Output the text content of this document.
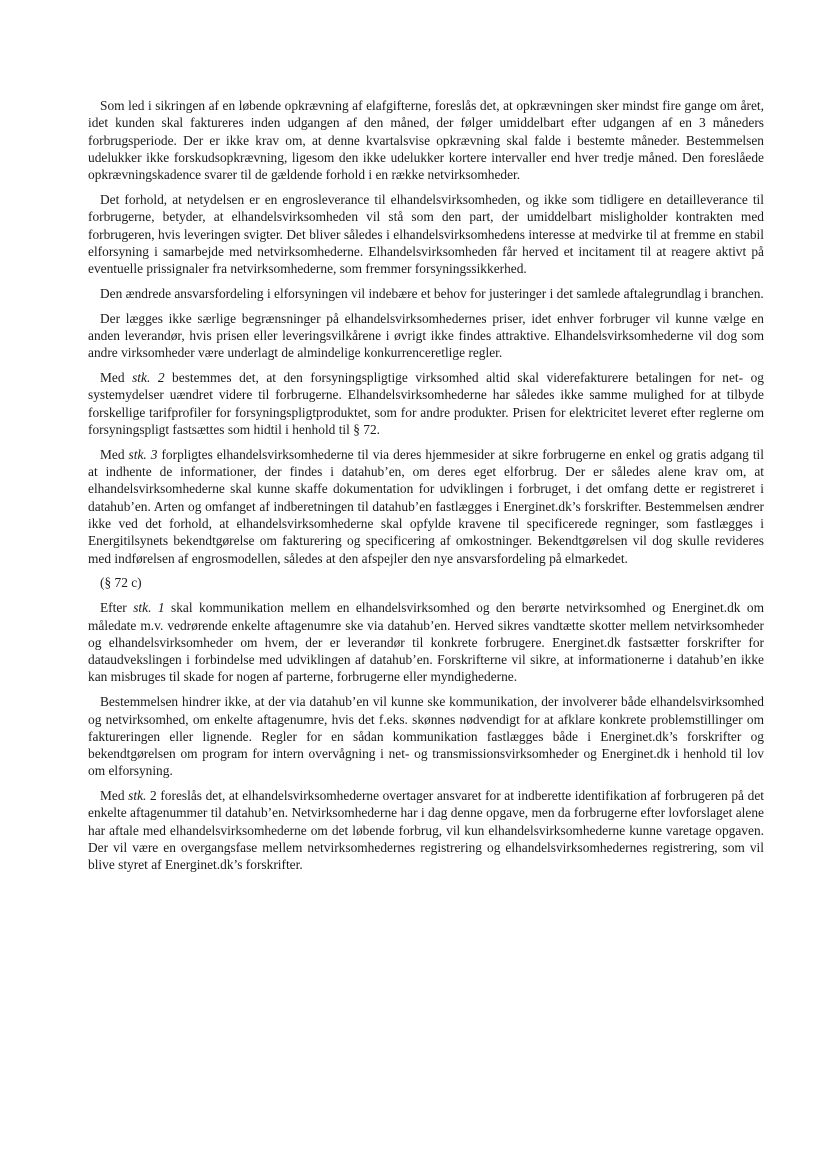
Som led i sikringen af en løbende opkrævning af elafgifterne, foreslås det, at opkrævningen sker mindst fire gange om året, idet kunden skal faktureres inden udgangen af den måned, der følger umiddelbart efter udgangen af en 3 måneders forbrugsperiode. Der er ikke krav om, at denne kvartalsvise opkrævning skal falde i bestemte måneder. Bestemmelsen udelukker ikke forskudsopkrævning, ligesom den ikke udelukker kortere intervaller end hver tredje måned. Den foreslåede opkrævningskadence svarer til de gældende forhold i en række netvirksomheder.

Det forhold, at netydelsen er en engrosleverance til elhandelsvirksomheden, og ikke som tidligere en detailleverance til forbrugerne, betyder, at elhandelsvirksomheden vil stå som den part, der umiddelbart misligholder kontrakten med forbrugeren, hvis leveringen svigter. Det bliver således i elhandelsvirksomhedens interesse at medvirke til at fremme en stabil elforsyning i samarbejde med netvirksomhederne. Elhandelsvirksomheden får herved et incitament til at reagere aktivt på eventuelle prissignaler fra netvirksomhederne, som fremmer forsyningssikkerhed.

Den ændrede ansvarsfordeling i elforsyningen vil indebære et behov for justeringer i det samlede aftalegrundlag i branchen.

Der lægges ikke særlige begrænsninger på elhandelsvirksomhedernes priser, idet enhver forbruger vil kunne vælge en anden leverandør, hvis prisen eller leveringsvilkårene i øvrigt ikke findes attraktive. Elhandelsvirksomhederne vil dog som andre virksomheder være underlagt de almindelige konkurrenceretlige regler.

Med stk. 2 bestemmes det, at den forsyningspligtige virksomhed altid skal viderefakturere betalingen for net- og systemydelser uændret videre til forbrugerne. Elhandelsvirksomhederne har således ikke samme mulighed for at tilbyde forskellige tarifprofiler for forsyningspligtproduktet, som for andre produkter. Prisen for elektricitet leveret efter reglerne om forsyningspligt fastsættes som hidtil i henhold til § 72.

Med stk. 3 forpligtes elhandelsvirksomhederne til via deres hjemmesider at sikre forbrugerne en enkel og gratis adgang til at indhente de informationer, der findes i datahub’en, om deres eget elforbrug. Der er således alene krav om, at elhandelsvirksomhederne skal kunne skaffe dokumentation for udviklingen i forbruget, i det omfang dette er registreret i datahub’en. Arten og omfanget af indberetningen til datahub’en fastlægges i Energinet.dk’s forskrifter. Bestemmelsen ændrer ikke ved det forhold, at elhandelsvirksomhederne skal opfylde kravene til specificerede regninger, som fastlægges i Energitilsynets bekendtgørelse om fakturering og specificering af omkostninger. Bekendtgørelsen vil dog skulle revideres med indførelsen af engrosmodellen, således at den afspejler den nye ansvarsfordeling på elmarkedet.

(§ 72 c)

Efter stk. 1 skal kommunikation mellem en elhandelsvirksomhed og den berørte netvirksomhed og Energinet.dk om måledate m.v. vedrørende enkelte aftagenumre ske via datahub’en. Herved sikres vandtætte skotter mellem netvirksomheder og elhandelsvirksomheder om hvem, der er leverandør til konkrete forbrugere. Energinet.dk fastsætter forskrifter for dataudvekslingen i forbindelse med udviklingen af datahub’en. Forskrifterne vil sikre, at informationerne i datahub’en ikke kan misbruges til skade for nogen af parterne, forbrugerne eller myndighederne.

Bestemmelsen hindrer ikke, at der via datahub’en vil kunne ske kommunikation, der involverer både elhandelsvirksomhed og netvirksomhed, om enkelte aftagenumre, hvis det f.eks. skønnes nødvendigt for at afklare konkrete problemstillinger om faktureringen eller lignende. Regler for en sådan kommunikation fastlægges både i Energinet.dk’s forskrifter og bekendtgørelsen om program for intern overvågning i net- og transmissionsvirksomheder og Energinet.dk i henhold til lov om elforsyning.

Med stk. 2 foreslås det, at elhandelsvirksomhederne overtager ansvaret for at indberette identifikation af forbrugeren på det enkelte aftagenummer til datahub’en. Netvirksomhederne har i dag denne opgave, men da forbrugerne efter lovforslaget alene har aftale med elhandelsvirksomhederne om det løbende forbrug, vil kun elhandelsvirksomhederne kunne varetage opgaven. Der vil være en overgangsfase mellem netvirksomhedernes registrering og elhandelsvirksomhedernes registrering, som vil blive styret af Energinet.dk’s forskrifter.
